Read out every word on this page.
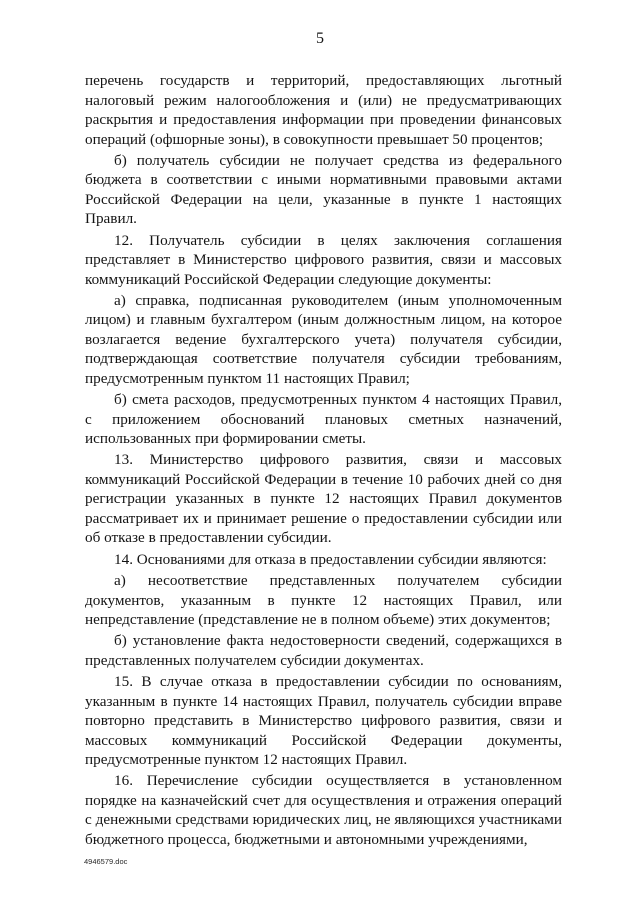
5

перечень государств и территорий, предоставляющих льготный налоговый режим налогообложения и (или) не предусматривающих раскрытия и предоставления информации при проведении финансовых операций (офшорные зоны), в совокупности превышает 50 процентов;

б) получатель субсидии не получает средства из федерального бюджета в соответствии с иными нормативными правовыми актами Российской Федерации на цели, указанные в пункте 1 настоящих Правил.

12. Получатель субсидии в целях заключения соглашения представляет в Министерство цифрового развития, связи и массовых коммуникаций Российской Федерации следующие документы:

а) справка, подписанная руководителем (иным уполномоченным лицом) и главным бухгалтером (иным должностным лицом, на которое возлагается ведение бухгалтерского учета) получателя субсидии, подтверждающая соответствие получателя субсидии требованиям, предусмотренным пунктом 11 настоящих Правил;

б) смета расходов, предусмотренных пунктом 4 настоящих Правил, с приложением обоснований плановых сметных назначений, использованных при формировании сметы.

13. Министерство цифрового развития, связи и массовых коммуникаций Российской Федерации в течение 10 рабочих дней со дня регистрации указанных в пункте 12 настоящих Правил документов рассматривает их и принимает решение о предоставлении субсидии или об отказе в предоставлении субсидии.

14. Основаниями для отказа в предоставлении субсидии являются:

а) несоответствие представленных получателем субсидии документов, указанным в пункте 12 настоящих Правил, или непредставление (представление не в полном объеме) этих документов;

б) установление факта недостоверности сведений, содержащихся в представленных получателем субсидии документах.

15. В случае отказа в предоставлении субсидии по основаниям, указанным в пункте 14 настоящих Правил, получатель субсидии вправе повторно представить в Министерство цифрового развития, связи и массовых коммуникаций Российской Федерации документы, предусмотренные пунктом 12 настоящих Правил.

16. Перечисление субсидии осуществляется в установленном порядке на казначейский счет для осуществления и отражения операций с денежными средствами юридических лиц, не являющихся участниками бюджетного процесса, бюджетными и автономными учреждениями,

4946579.doc
